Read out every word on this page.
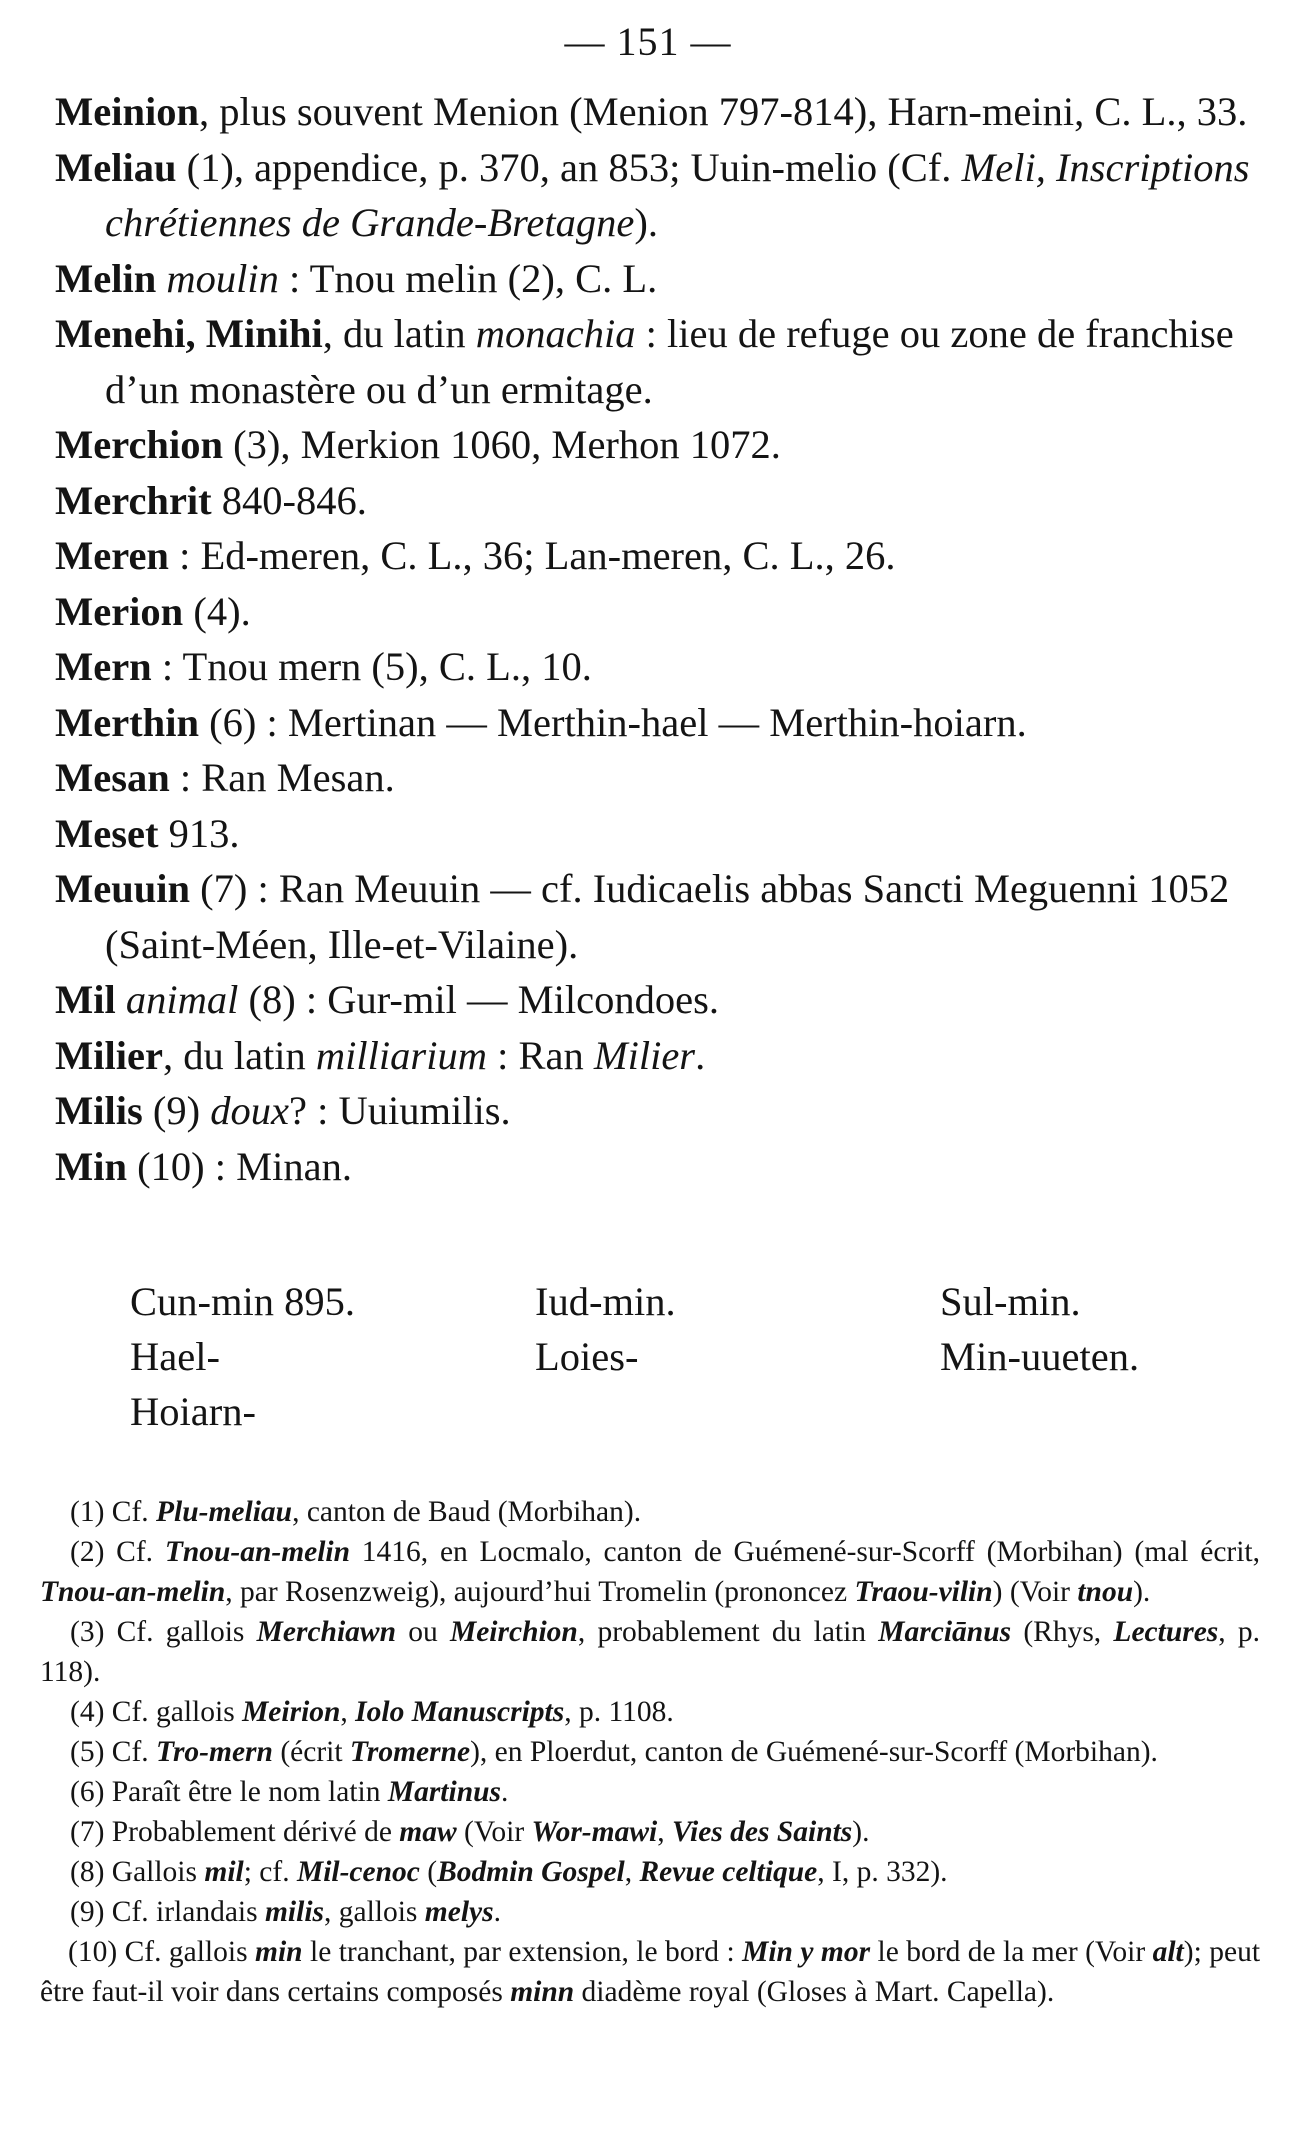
— 151 —
Meinion, plus souvent Menion (Menion 797-814), Harn-meini, C. L., 33.
Meliau (1), appendice, p. 370, an 853; Uuin-melio (Cf. Meli, Inscriptions chrétiennes de Grande-Bretagne).
Melin moulin : Tnou melin (2), C. L.
Menehi, Minihi, du latin monachia : lieu de refuge ou zone de franchise d’un monastère ou d’un ermitage.
Merchion (3), Merkion 1060, Merhon 1072.
Merchrit 840-846.
Meren : Ed-meren, C. L., 36; Lan-meren, C. L., 26.
Merion (4).
Mern : Tnou mern (5), C. L., 10.
Merthin (6) : Mertinan — Merthin-hael — Merthin-hoiarn.
Mesan : Ran Mesan.
Meset 913.
Meuuin (7) : Ran Meuuin — cf. Iudicaelis abbas Sancti Meguenni 1052 (Saint-Méen, Ille-et-Vilaine).
Mil animal (8) : Gur-mil — Milcondoes.
Milier, du latin milliarium : Ran Milier.
Milis (9) doux? : Uuiumilis.
Min (10) : Minan.
Cun-min 895.	Iud-min.	Sul-min.
Hael-	Loies-	Min-uueten.
Hoiarn-
(1) Cf. Plu-meliau, canton de Baud (Morbihan).
(2) Cf. Tnou-an-melin 1416, en Locmalo, canton de Guémené-sur-Scorff (Morbihan) (mal écrit, Tnou-an-melin, par Rosenzweig), aujourd’hui Tromelin (prononcez Traou-vilin) (Voir tnou).
(3) Cf. gallois Merchiawn ou Meirchion, probablement du latin Marciānus (Rhys, Lectures, p. 118).
(4) Cf. gallois Meirion, Iolo Manuscripts, p. 1108.
(5) Cf. Tro-mern (écrit Tromerne), en Ploerdut, canton de Guémené-sur-Scorff (Morbihan).
(6) Paraît être le nom latin Martinus.
(7) Probablement dérivé de maw (Voir Wor-mawi, Vies des Saints).
(8) Gallois mil; cf. Mil-cenoc (Bodmin Gospel, Revue celtique, I, p. 332).
(9) Cf. irlandais milis, gallois melys.
(10) Cf. gallois min le tranchant, par extension, le bord : Min y mor le bord de la mer (Voir alt); peut être faut-il voir dans certains composés minn diadème royal (Gloses à Mart. Capella).
